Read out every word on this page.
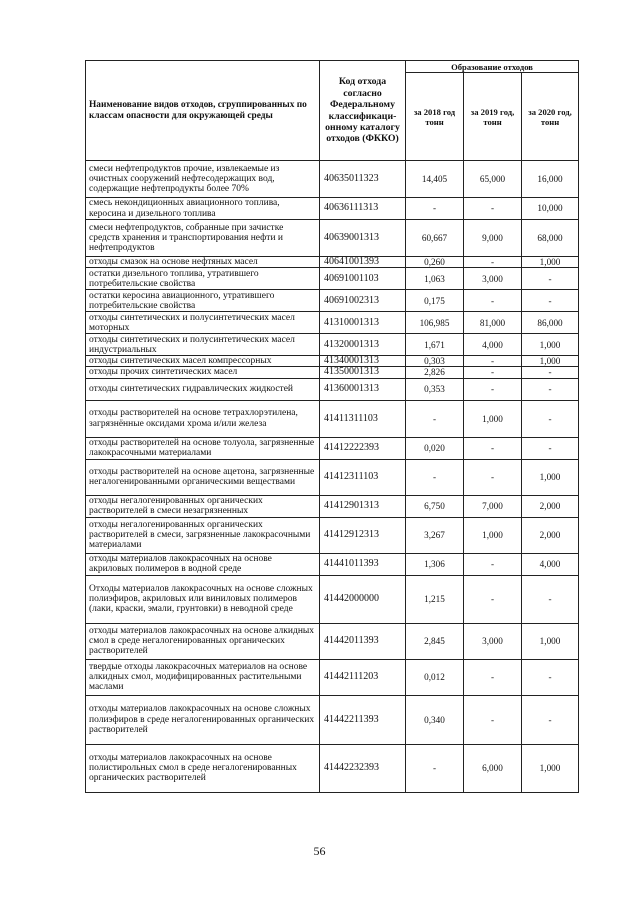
Наименование видов отходов, сгруппированных по классам опасности для окружающей среды	Код отхода согласно Федеральному классификаци-онному каталогу отходов (ФККО)	Образование отходов		
		за 2018 год тонн	за 2019 год, тонн	за 2020 год, тонн
смеси нефтепродуктов прочие, извлекаемые из очистных сооружений нефтесодержащих вод, содержащие нефтепродукты более 70%	40635011323	14,405	65,000	16,000
смесь некондиционных авиационного топлива, керосина и дизельного топлива	40636111313	-	-	10,000
смеси нефтепродуктов, собранные при зачистке средств хранения и транспортирования нефти и нефтепродуктов	40639001313	60,667	9,000	68,000
отходы смазок на основе нефтяных масел	40641001393	0,260	-	1,000
остатки дизельного топлива, утратившего потребительские свойства	40691001103	1,063	3,000	-
остатки керосина авиационного, утратившего потребительские свойства	40691002313	0,175	-	-
отходы синтетических и полусинтетических масел моторных	41310001313	106,985	81,000	86,000
отходы синтетических и полусинтетических масел индустриальных	41320001313	1,671	4,000	1,000
отходы синтетических масел компрессорных	41340001313	0,303	-	1,000
отходы прочих синтетических масел	41350001313	2,826	-	-
отходы синтетических гидравлических жидкостей	41360001313	0,353	-	-
отходы растворителей на основе тетрахлорэтилена, загрязнённые оксидами хрома и/или железа	41411311103	-	1,000	-
отходы растворителей на основе толуола, загрязненные лакокрасочными материалами	41412222393	0,020	-	-
отходы растворителей на основе ацетона, загрязненные негалогенированными органическими веществами	41412311103	-	-	1,000
отходы негалогенированных органических растворителей в смеси незагрязненных	41412901313	6,750	7,000	2,000
отходы негалогенированных органических растворителей в смеси, загрязненные лакокрасочными материалами	41412912313	3,267	1,000	2,000
отходы материалов лакокрасочных на основе акриловых полимеров в водной среде	41441011393	1,306	-	4,000
Отходы материалов лакокрасочных на основе сложных полиэфиров, акриловых или виниловых полимеров (лаки, краски, эмали, грунтовки) в неводной среде	41442000000	1,215	-	-
отходы материалов лакокрасочных на основе алкидных смол в среде негалогенированных органических растворителей	41442011393	2,845	3,000	1,000
твердые отходы лакокрасочных материалов на основе алкидных смол, модифицированных растительными маслами	41442111203	0,012	-	-
отходы материалов лакокрасочных на основе сложных полиэфиров в среде негалогенированных органических растворителей	41442211393	0,340	-	-
отходы материалов лакокрасочных на основе полистирольных смол в среде негалогенированных органических растворителей	41442232393	-	6,000	1,000
56
